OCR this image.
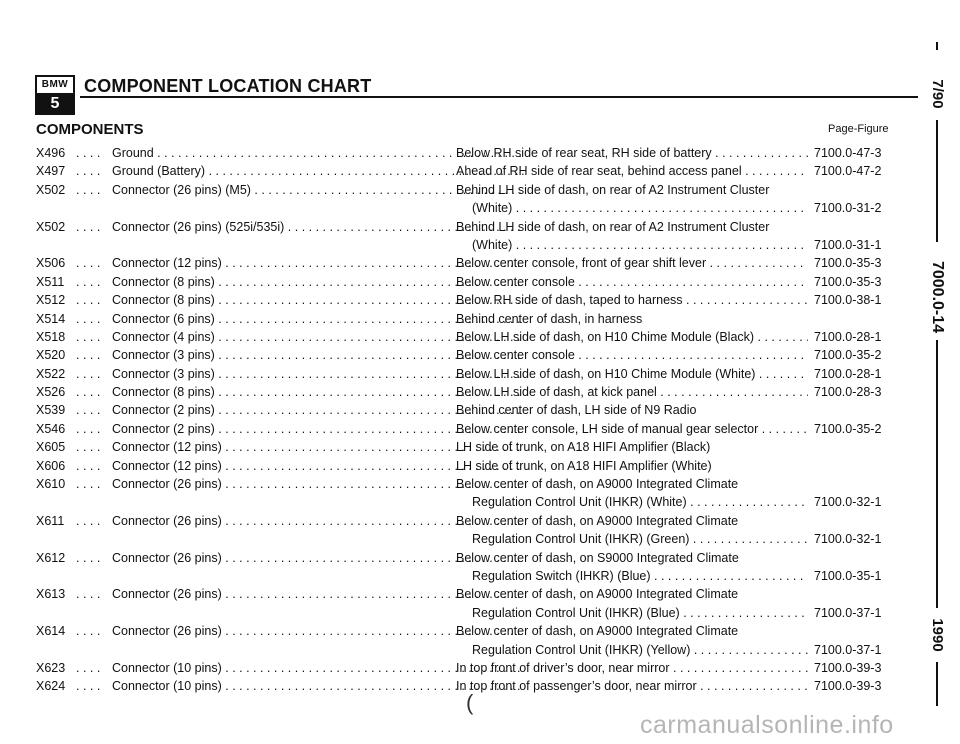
BMW
5
COMPONENT LOCATION CHART
COMPONENTS	Page-Figure
X496 . . . . Ground . . .	Below RH side of rear seat, RH side of battery . . .	7100.0-47-3
X497 . . . . Ground (Battery) . . .	Ahead of RH side of rear seat, behind access panel . . .	7100.0-47-2
X502 . . . . Connector (26 pins) (M5) . . .	Behind LH side of dash, on rear of A2 Instrument Cluster
(White) . . .	7100.0-31-2
X502 . . . . Connector (26 pins) (525i/535i) . . .	Behind LH side of dash, on rear of A2 Instrument Cluster
(White) . . .	7100.0-31-1
X506 . . . . Connector (12 pins) . . .	Below center console, front of gear shift lever . . .	7100.0-35-3
X511 . . . . Connector (8 pins) . . .	Below center console . . .	7100.0-35-3
X512 . . . . Connector (8 pins) . . .	Below RH side of dash, taped to harness . . .	7100.0-38-1
X514 . . . . Connector (6 pins) . . .	Behind center of dash, in harness
X518 . . . . Connector (4 pins) . . .	Below LH side of dash, on H10 Chime Module (Black) . . .	7100.0-28-1
X520 . . . . Connector (3 pins) . . .	Below center console . . .	7100.0-35-2
X522 . . . . Connector (3 pins) . . .	Below LH side of dash, on H10 Chime Module (White) . . .	7100.0-28-1
X526 . . . . Connector (8 pins) . . .	Below LH side of dash, at kick panel . . .	7100.0-28-3
X539 . . . . Connector (2 pins) . . .	Behind center of dash, LH side of N9 Radio
X546 . . . . Connector (2 pins) . . .	Below center console, LH side of manual gear selector . . .	7100.0-35-2
X605 . . . . Connector (12 pins) . . .	LH side of trunk, on A18 HIFI Amplifier (Black)
X606 . . . . Connector (12 pins) . . .	LH side of trunk, on A18 HIFI Amplifier (White)
X610 . . . . Connector (26 pins) . . .	Below center of dash, on A9000 Integrated Climate
Regulation Control Unit (IHKR) (White) . . .	7100.0-32-1
X611 . . . . Connector (26 pins) . . .	Below center of dash, on A9000 Integrated Climate
Regulation Control Unit (IHKR) (Green) . . .	7100.0-32-1
X612 . . . . Connector (26 pins) . . .	Below center of dash, on S9000 Integrated Climate
Regulation Switch (IHKR) (Blue) . . .	7100.0-35-1
X613 . . . . Connector (26 pins) . . .	Below center of dash, on A9000 Integrated Climate
Regulation Control Unit (IHKR) (Blue) . . .	7100.0-37-1
X614 . . . . Connector (26 pins) . . .	Below center of dash, on A9000 Integrated Climate
Regulation Control Unit (IHKR) (Yellow) . . .	7100.0-37-1
X623 . . . . Connector (10 pins) . . .	In top front of driver’s door, near mirror . . .	7100.0-39-3
X624 . . . . Connector (10 pins) . . .	In top front of passenger’s door, near mirror . . .	7100.0-39-3
7/90
7000.0-14
1990
(
carmanualsonline.info
